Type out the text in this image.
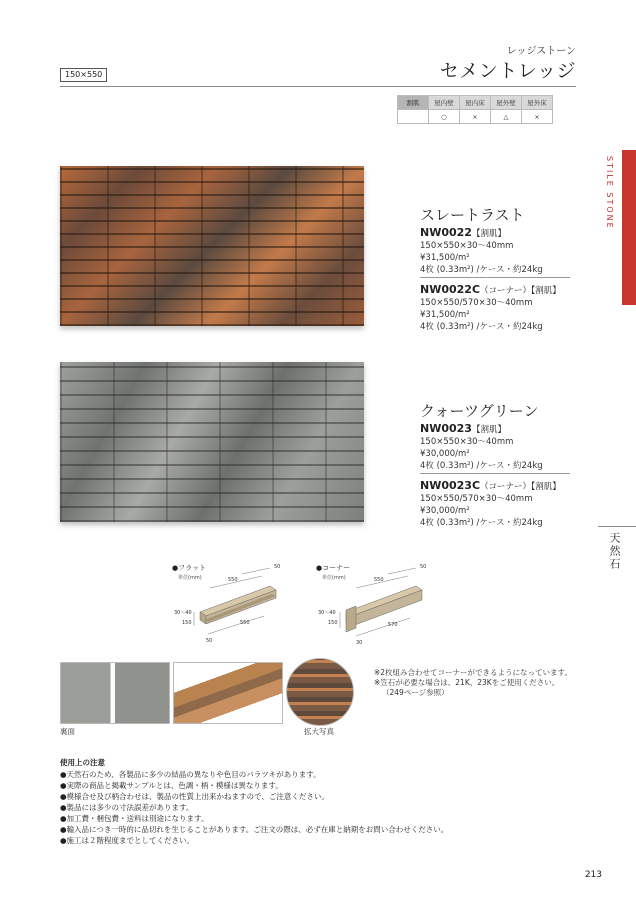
150×550
レッジストーン
セメントレッジ
割肌	屋内壁	屋内床	屋外壁	屋外床
	○	×	△	×
STILE STONE
天然石
スレートラスト
NW0022【割肌】
150×550×30〜40mm
¥31,500/m²
4枚 (0.33m²) /ケース・約24kg
NW0022C（コーナー）【割肌】
150×550/570×30〜40mm
¥31,500/m²
4枚 (0.33m²) /ケース・約24kg
クォーツグリーン
NW0023【割肌】
150×550×30〜40mm
¥30,000/m²
4枚 (0.33m²) /ケース・約24kg
NW0023C（コーナー）【割肌】
150×550/570×30〜40mm
¥30,000/m²
4枚 (0.33m²) /ケース・約24kg
●フラット
単位(mm)
50
550
30〜40
150	550
50
●コーナー
単位(mm)
50
550
30〜40
150	570
30
裏面	拡大写真
※2枚組み合わせてコーナーができるようになっています。
※笠石が必要な場合は、21K、23Kをご使用ください。
（249ページ参照）
使用上の注意
●天然石のため、各製品に多少の結晶の異なりや色目のバラツキがあります。
●実際の商品と掲載サンプルとは、色調・柄・模様は異なります。
●模様合せ及び柄合わせは、製品の性質上出来かねますので、ご注意ください。
●製品には多少の寸法誤差があります。
●加工費・梱包費・送料は別途になります。
●輸入品につき一時的に品切れを生じることがあります。ご注文の際は、必ず在庫と納期をお問い合わせください。
●施工は２階程度までとしてください。
213
